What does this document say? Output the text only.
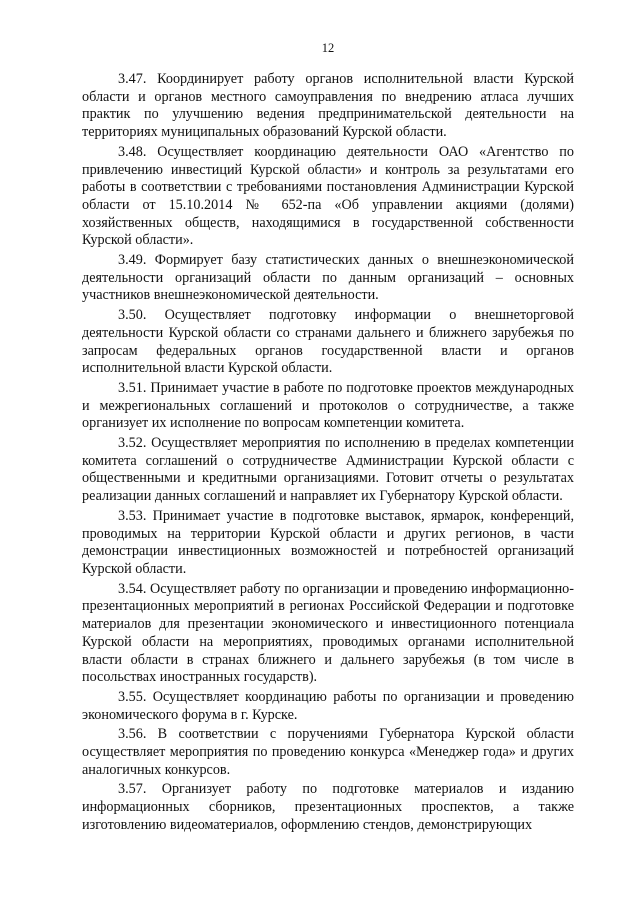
12

3.47. Координирует работу органов исполнительной власти Курской области и органов местного самоуправления по внедрению атласа лучших практик по улучшению ведения предпринимательской деятельности на территориях муниципальных образований Курской области.

3.48. Осуществляет координацию деятельности ОАО «Агентство по привлечению инвестиций Курской области» и контроль за результатами его работы в соответствии с требованиями постановления Администрации Курской области от 15.10.2014 № 652-па «Об управлении акциями (долями) хозяйственных обществ, находящимися в государственной собственности Курской области».

3.49. Формирует базу статистических данных о внешнеэкономической деятельности организаций области по данным организаций – основных участников внешнеэкономической деятельности.

3.50. Осуществляет подготовку информации о внешнеторговой деятельности Курской области со странами дальнего и ближнего зарубежья по запросам федеральных органов государственной власти и органов исполнительной власти Курской области.

3.51. Принимает участие в работе по подготовке проектов международных и межрегиональных соглашений и протоколов о сотрудничестве, а также организует их исполнение по вопросам компетенции комитета.

3.52. Осуществляет мероприятия по исполнению в пределах компетенции комитета соглашений о сотрудничестве Администрации Курской области с общественными и кредитными организациями. Готовит отчеты о результатах реализации данных соглашений и направляет их Губернатору Курской области.

3.53. Принимает участие в подготовке выставок, ярмарок, конференций, проводимых на территории Курской области и других регионов, в части демонстрации инвестиционных возможностей и потребностей организаций Курской области.

3.54. Осуществляет работу по организации и проведению информационно-презентационных мероприятий в регионах Российской Федерации и подготовке материалов для презентации экономического и инвестиционного потенциала Курской области на мероприятиях, проводимых органами исполнительной власти области в странах ближнего и дальнего зарубежья (в том числе в посольствах иностранных государств).

3.55. Осуществляет координацию работы по организации и проведению экономического форума в г. Курске.

3.56. В соответствии с поручениями Губернатора Курской области осуществляет мероприятия по проведению конкурса «Менеджер года» и других аналогичных конкурсов.

3.57. Организует работу по подготовке материалов и изданию информационных сборников, презентационных проспектов, а также изготовлению видеоматериалов, оформлению стендов, демонстрирующих
